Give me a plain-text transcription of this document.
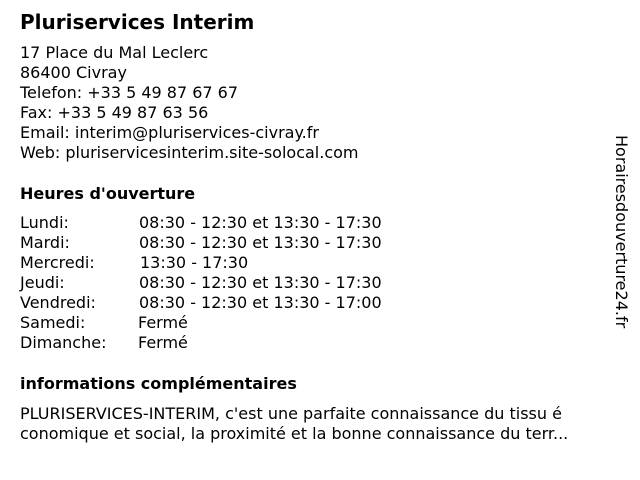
Pluriservices Interim
17 Place du Mal Leclerc
86400 Civray
Telefon: +33 5 49 87 67 67
Fax: +33 5 49 87 63 56
Email: interim@pluriservices-civray.fr
Web: pluriservicesinterim.site-solocal.com
Heures d'ouverture
Lundi:	08:30 - 12:30 et 13:30 - 17:30
Mardi:	08:30 - 12:30 et 13:30 - 17:30
Mercredi:	13:30 - 17:30
Jeudi:	08:30 - 12:30 et 13:30 - 17:30
Vendredi:	08:30 - 12:30 et 13:30 - 17:00
Samedi:	Fermé
Dimanche: Fermé
informations complémentaires
PLURISERVICES-INTERIM, c'est une parfaite connaissance du tissu é
conomique et social, la proximité et la bonne connaissance du terr...
Horairesdouverture24.fr
